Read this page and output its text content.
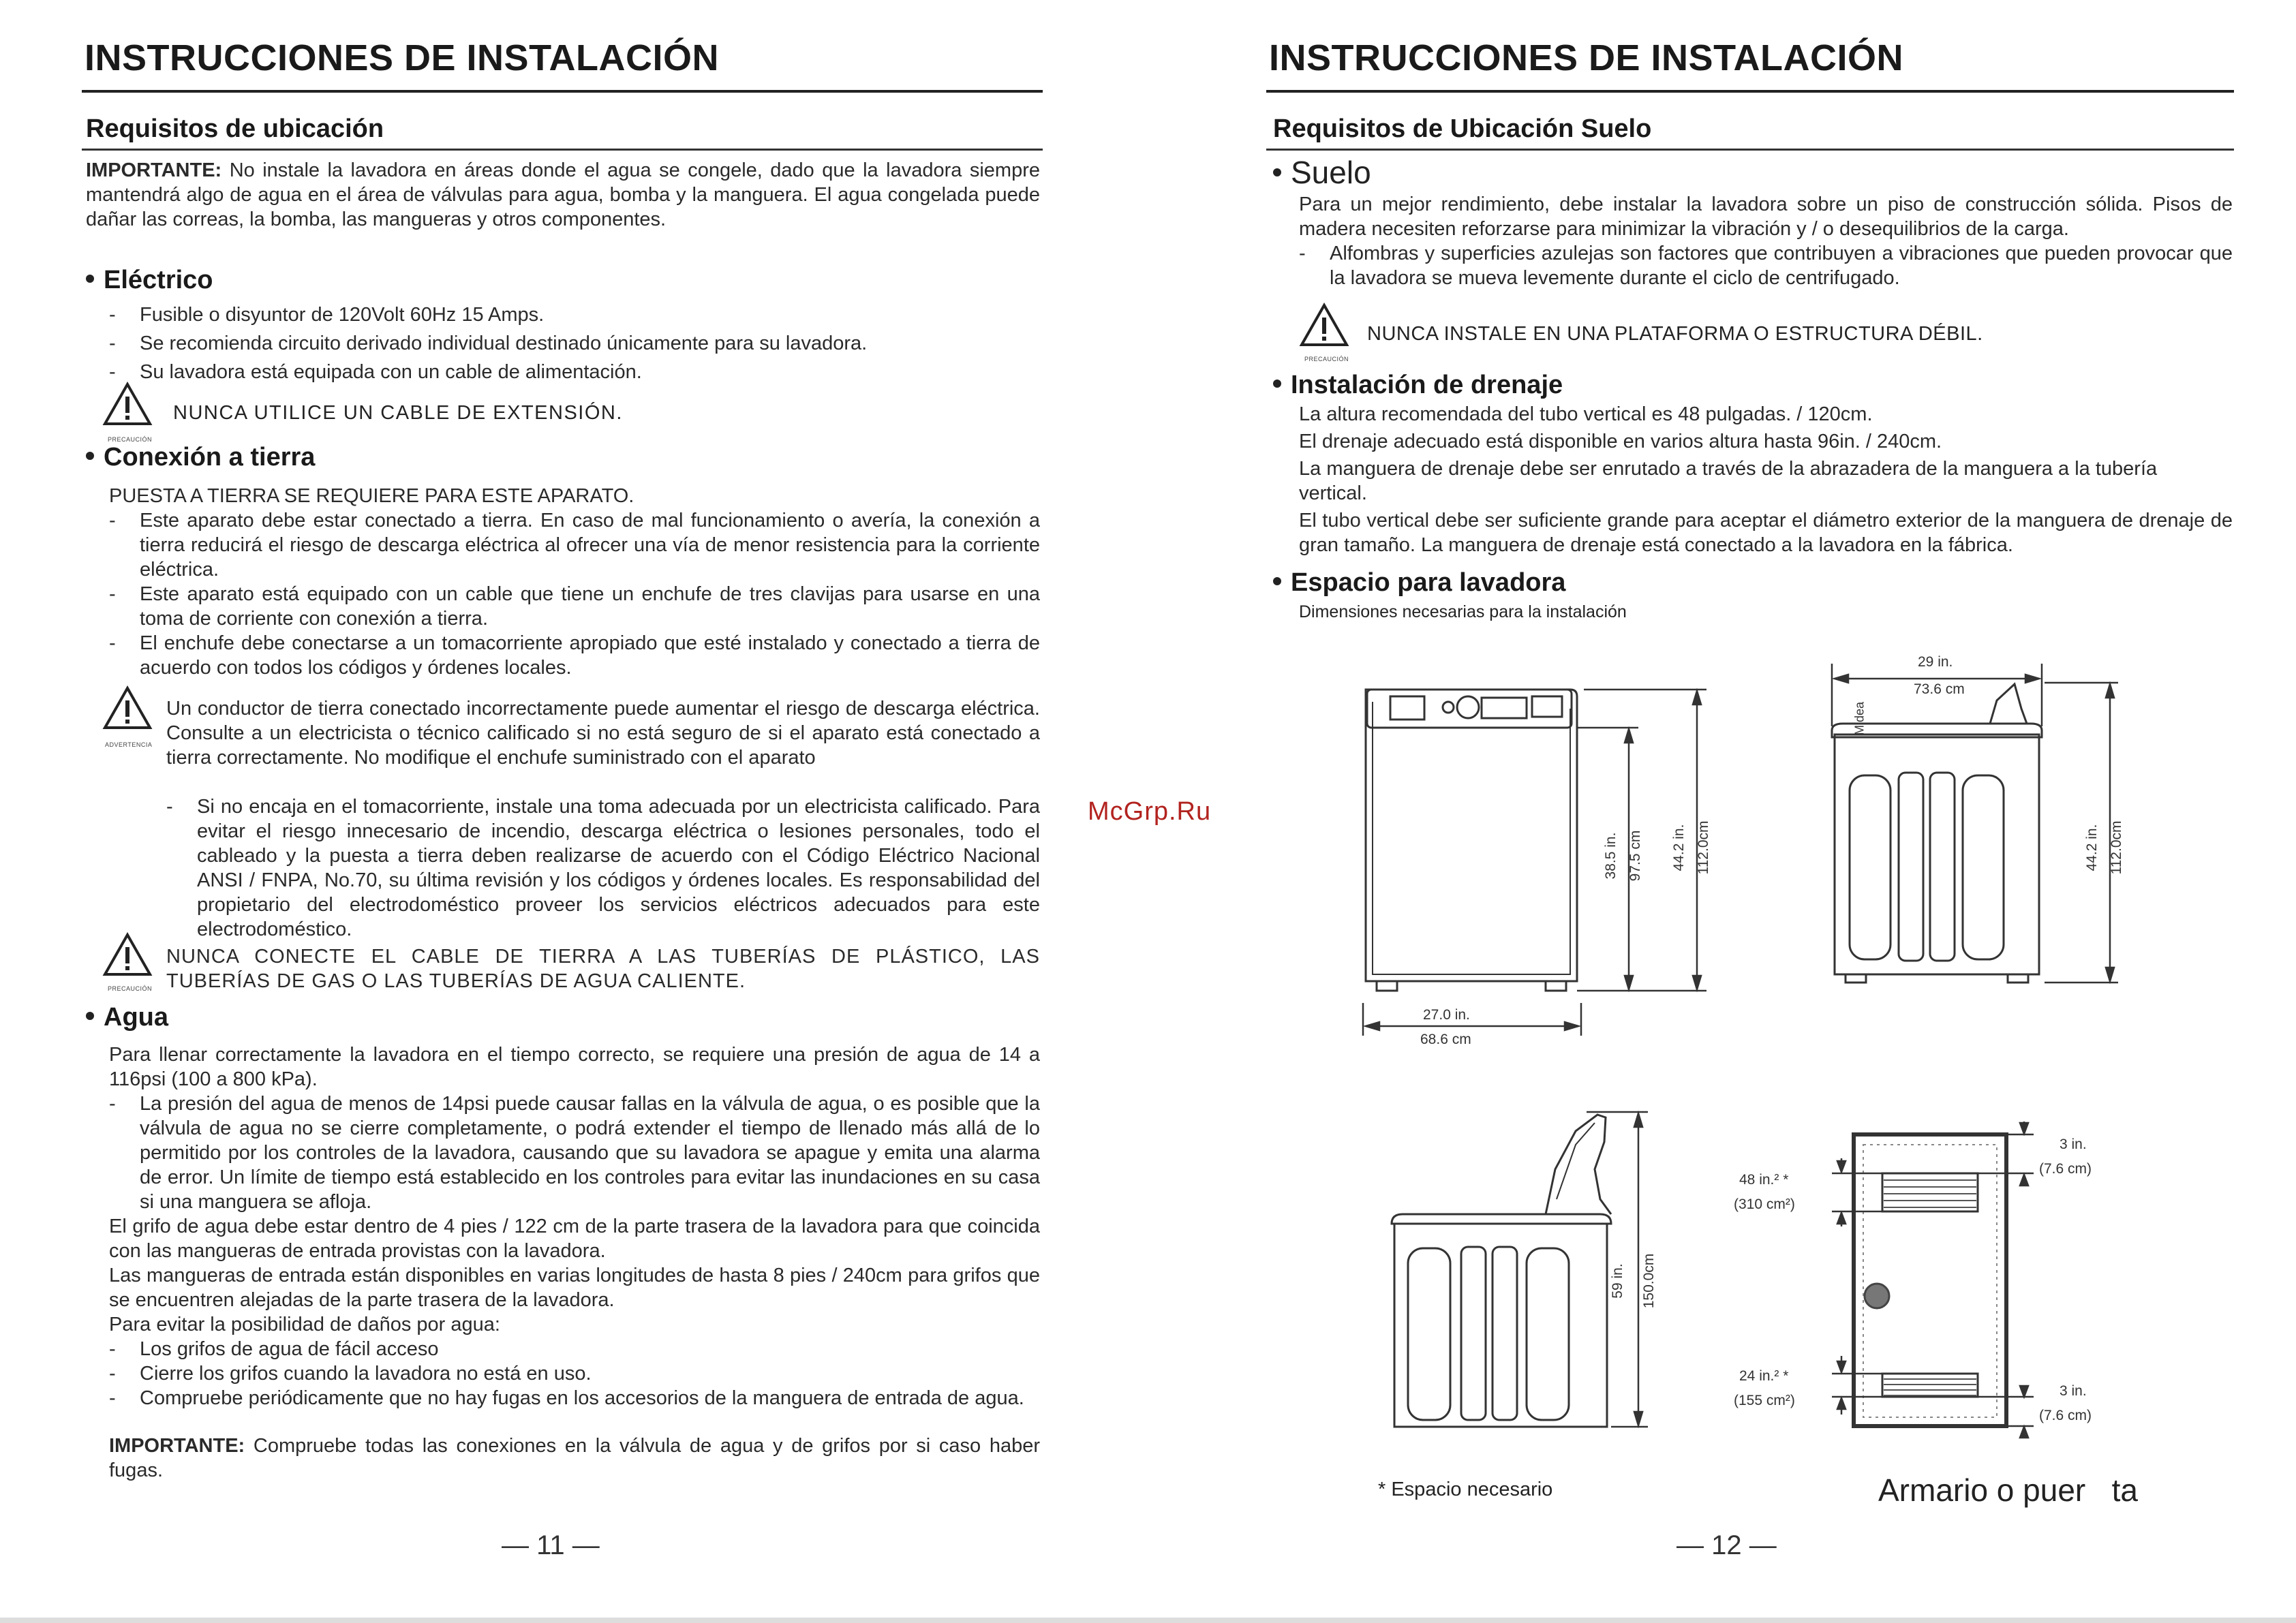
INSTRUCCIONES DE INSTALACIÓN
Requisitos de ubicación
IMPORTANTE: No instale la lavadora en áreas donde el agua se congele, dado que la lavadora siempre mantendrá algo de agua en el área de válvulas para agua, bomba y la manguera. El agua congelada puede dañar las correas, la bomba, las mangueras y otros componentes.
Eléctrico
- Fusible o disyuntor de 120Volt 60Hz 15 Amps.
- Se recomienda circuito derivado individual destinado únicamente para su lavadora.
- Su lavadora está equipada con un cable de alimentación.
PRECAUCIÓN
NUNCA UTILICE UN CABLE DE EXTENSIÓN.
Conexión a tierra
PUESTA A TIERRA SE REQUIERE PARA ESTE APARATO.
- Este aparato debe estar conectado a tierra. En caso de mal funcionamiento o avería, la conexión a tierra reducirá el riesgo de descarga eléctrica al ofrecer una vía de menor resistencia para la corriente eléctrica.
- Este aparato está equipado con un cable que tiene un enchufe de tres clavijas para usarse en una toma de corriente con conexión a tierra.
- El enchufe debe conectarse a un tomacorriente apropiado que esté instalado y conectado a tierra de acuerdo con todos los códigos y órdenes locales.
ADVERTENCIA
Un conductor de tierra conectado incorrectamente puede aumentar el riesgo de descarga eléctrica. Consulte a un electricista o técnico calificado si no está seguro de si el aparato está conectado a tierra correctamente. No modifique el enchufe suministrado con el aparato
- Si no encaja en el tomacorriente, instale una toma adecuada por un electricista calificado. Para evitar el riesgo innecesario de incendio, descarga eléctrica o lesiones personales, todo el cableado y la puesta a tierra deben realizarse de acuerdo con el Código Eléctrico Nacional ANSI / FNPA, No.70, su última revisión y los códigos y órdenes locales. Es responsabilidad del propietario del electrodoméstico proveer los servicios eléctricos adecuados para este electrodoméstico.
PRECAUCIÓN
NUNCA CONECTE EL CABLE DE TIERRA A LAS TUBERÍAS DE PLÁSTICO, LAS TUBERÍAS DE GAS O LAS TUBERÍAS DE AGUA CALIENTE.
Agua
Para llenar correctamente la lavadora en el tiempo correcto, se requiere una presión de agua de 14 a 116psi (100 a 800 kPa).
- La presión del agua de menos de 14psi puede causar fallas en la válvula de agua, o es posible que la válvula de agua no se cierre completamente, o podrá extender el tiempo de llenado más allá de lo permitido por los controles de la lavadora, causando que su lavadora se apague y emita una alarma de error. Un límite de tiempo está establecido en los controles para evitar las inundaciones en su casa si una manguera se afloja.
El grifo de agua debe estar dentro de 4 pies / 122 cm de la parte trasera de la lavadora para que coincida con las mangueras de entrada provistas con la lavadora.
Las mangueras de entrada están disponibles en varias longitudes de hasta 8 pies / 240cm para grifos que se encuentren alejadas de la parte trasera de la lavadora.
Para evitar la posibilidad de daños por agua:
- Los grifos de agua de fácil acceso
- Cierre los grifos cuando la lavadora no está en uso.
- Compruebe periódicamente que no hay fugas en los accesorios de la manguera de entrada de agua.
IMPORTANTE: Compruebe todas las conexiones en la válvula de agua y de grifos por si caso haber fugas.
— 11 —
McGrp.Ru
INSTRUCCIONES DE INSTALACIÓN
Requisitos de Ubicación Suelo
Suelo
Para un mejor rendimiento, debe instalar la lavadora sobre un piso de construcción sólida. Pisos de madera necesiten reforzarse para minimizar la vibración y / o desequilibrios de la carga.
- Alfombras y superficies azulejas son factores que contribuyen a vibraciones que pueden provocar que la lavadora se mueva levemente durante el ciclo de centrifugado.
PRECAUCIÓN
NUNCA INSTALE EN UNA PLATAFORMA O ESTRUCTURA DÉBIL.
Instalación de drenaje
La altura recomendada del tubo vertical es 48 pulgadas. / 120cm.
El drenaje adecuado está disponible en varios altura hasta 96in. / 240cm.
La manguera de drenaje debe ser enrutado a través de la abrazadera de la manguera a la tubería vertical.
El tubo vertical debe ser suficiente grande para aceptar el diámetro exterior de la manguera de drenaje de gran tamaño. La manguera de drenaje está conectado a la lavadora en la fábrica.
Espacio para lavadora
Dimensiones necesarias para la instalación
27.0 in.
68.6 cm
38.5 in. 97.5 cm 44.2 in. 112.0cm
29 in.
73.6 cm
Midea
44.2 in. 112.0cm
59 in. 150.0cm
3 in.
(7.6 cm)
48 in.² *
(310 cm²)
24 in.² *
(155 cm²)
3 in.
(7.6 cm)
* Espacio necesario	Armario o puer   ta
— 12 —
